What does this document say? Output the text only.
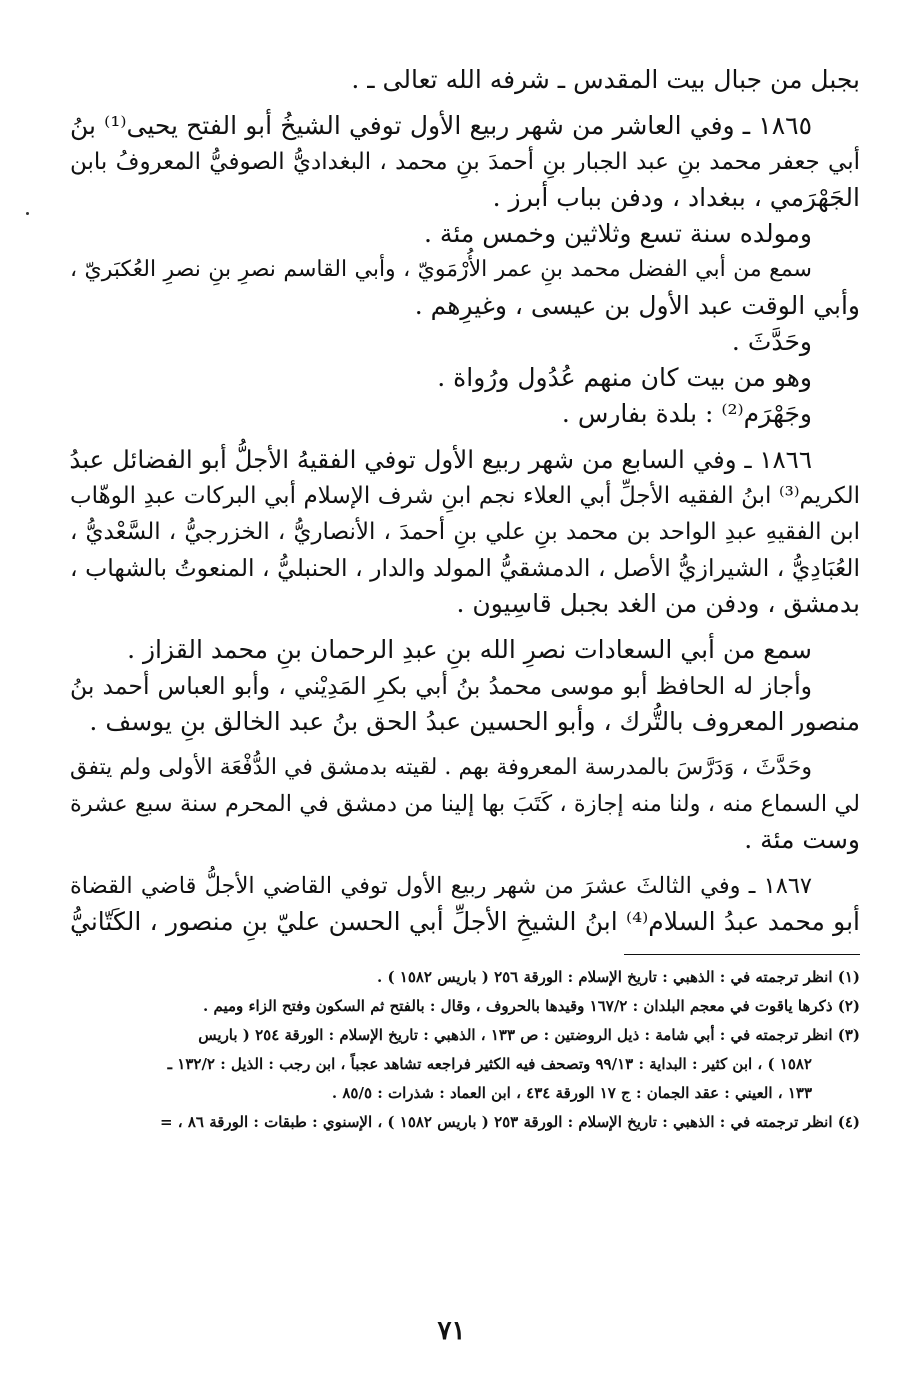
بجبل من جبال بيت المقدس ـ شرفه الله تعالى ـ .

١٨٦٥ ـ وفي العاشر من شهر ربيع الأول توفي الشيخُ أبو الفتح يحيى⁽¹⁾ بنُ

أبي جعفر محمد بنِ عبد الجبار بنِ أحمدَ بنِ محمد ، البغداديُّ الصوفيُّ المعروفُ بابن

الجَهْرَمي ، ببغداد ، ودفن بباب أبرز .

ومولده سنة تسع وثلاثين وخمس مئة .

سمع من أبي الفضل محمد بنِ عمر الأُرْمَويّ ، وأبي القاسم نصرِ بنِ نصرِ العُكبَريّ ،

وأبي الوقت عبد الأول بن عيسى ، وغيرِهم .

وحَدَّثَ .

وهو من بيت كان منهم عُدُول ورُواة .

وجَهْرَم⁽²⁾ : بلدة بفارس .

١٨٦٦ ـ وفي السابع من شهر ربيع الأول توفي الفقيهُ الأجلُّ أبو الفضائل عبدُ

الكريم⁽³⁾ ابنُ الفقيه الأجلِّ أبي العلاء نجم ابنِ شرف الإسلام أبي البركات عبدِ الوهّاب

ابن الفقيهِ عبدِ الواحد بن محمد بنِ علي بنِ أحمدَ ، الأنصاريُّ ، الخزرجيُّ ، السَّعْديُّ ،

العُبَادِيُّ ، الشيرازيُّ الأصل ، الدمشقيُّ المولد والدار ، الحنبليُّ ، المنعوتُ بالشهاب ،

بدمشق ، ودفن من الغد بجبل قاسِيون .

سمع من أبي السعادات نصرِ الله بنِ عبدِ الرحمان بنِ محمد القزاز .

وأجاز له الحافظ أبو موسى محمدُ بنُ أبي بكرِ المَدِيْني ، وأبو العباس أحمد بنُ

منصور المعروف بالتُّرك ، وأبو الحسين عبدُ الحق بنُ عبد الخالق بنِ يوسف .

وحَدَّثَ ، وَدَرَّسَ بالمدرسة المعروفة بهم . لقيته بدمشق في الدُّفْعَة الأولى ولم يتفق

لي السماع منه ، ولنا منه إجازة ، كَتَبَ بها إلينا من دمشق في المحرم سنة سبع عشرة

وست مئة .

١٨٦٧ ـ وفي الثالثَ عشرَ من شهر ربيع الأول توفي القاضي الأجلُّ قاضي القضاة

أبو محمد عبدُ السلام⁽⁴⁾ ابنُ الشيخِ الأجلِّ أبي الحسن عليّ بنِ منصور ، الكَتّانيُّ

(١) انظر ترجمته في : الذهبي : تاريخ الإسلام : الورقة ٢٥٦ ( باريس ١٥٨٢ ) .

(٢) ذكرها ياقوت في معجم البلدان : ١٦٧/٢ وقيدها بالحروف ، وقال : بالفتح ثم السكون وفتح الزاء وميم .

(٣) انظر ترجمته في : أبي شامة : ذيل الروضتين : ص ١٣٣ ، الذهبي : تاريخ الإسلام : الورقة ٢٥٤ ( باريس

١٥٨٢ ) ، ابن كثير : البداية : ٩٩/١٣ وتصحف فيه الكثير فراجعه تشاهد عجباً ، ابن رجب : الذيل : ١٣٢/٢ ـ

١٣٣ ، العيني : عقد الجمان : ج ١٧ الورقة ٤٣٤ ، ابن العماد : شذرات : ٨٥/٥ .

(٤) انظر ترجمته في : الذهبي : تاريخ الإسلام : الورقة ٢٥٣ ( باريس ١٥٨٢ ) ، الإسنوي : طبقات : الورقة ٨٦ ، =

٧١
